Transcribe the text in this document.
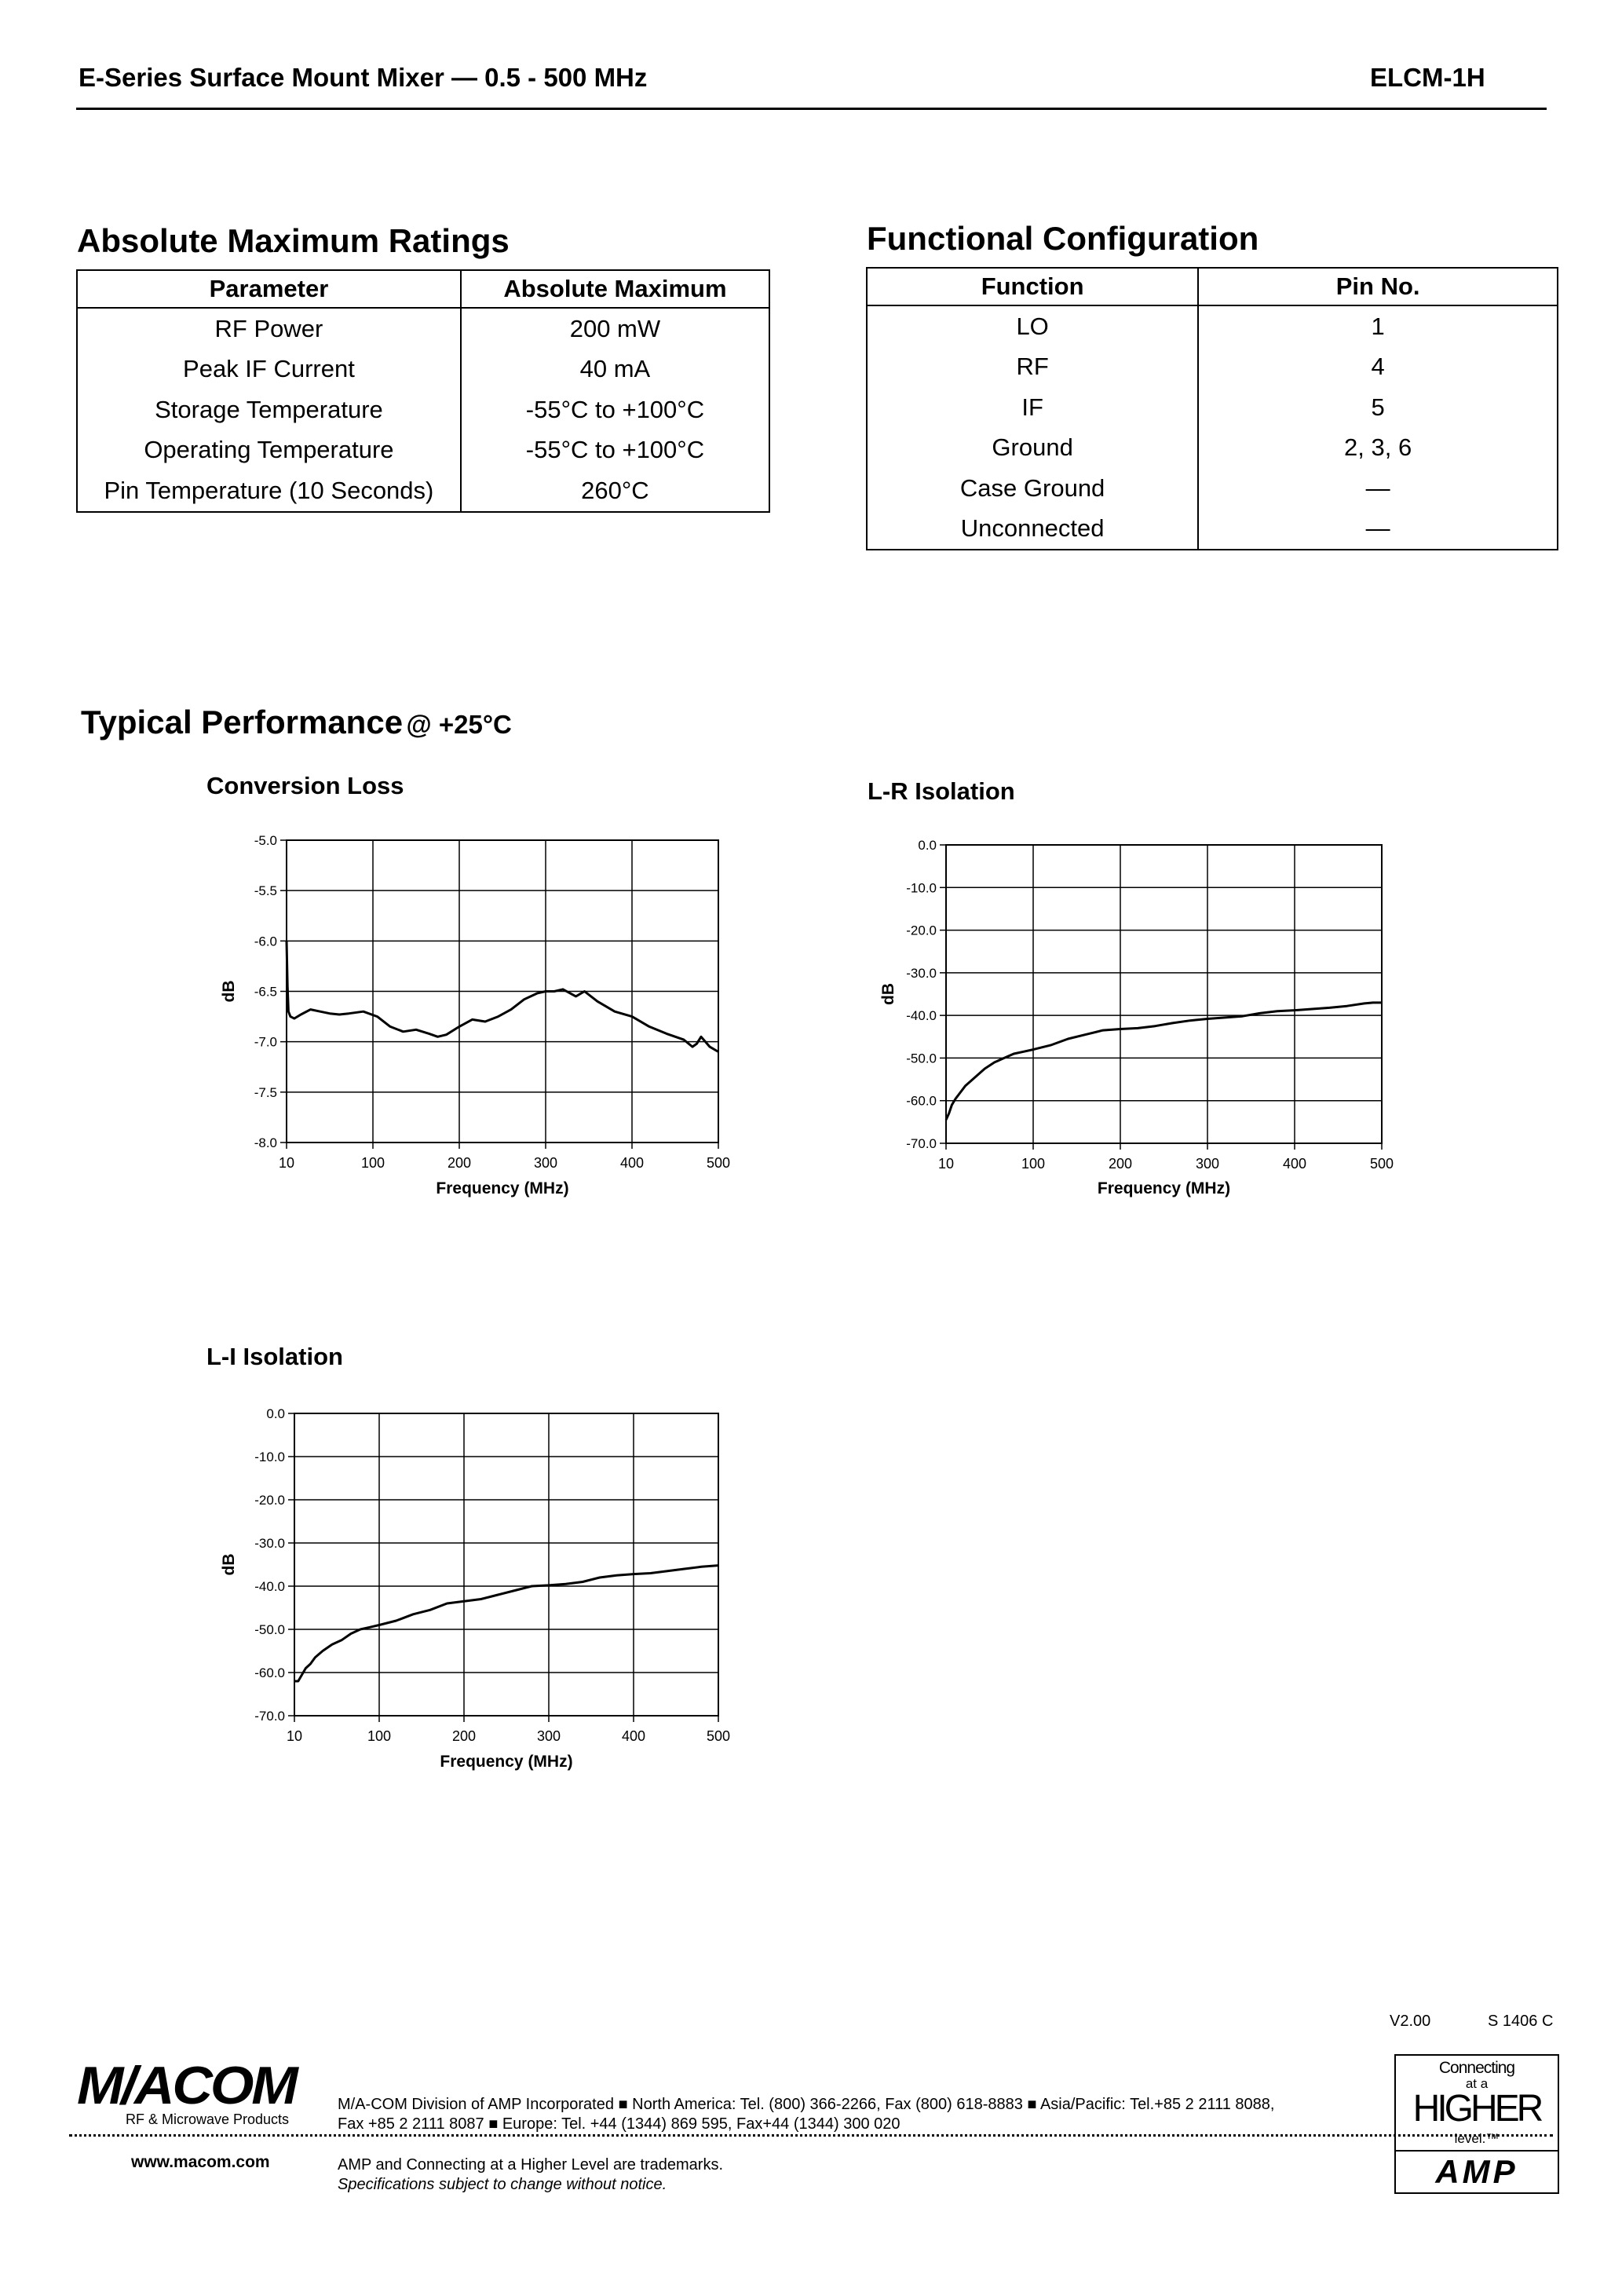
E-Series Surface Mount Mixer — 0.5 - 500 MHz	ELCM-1H
Absolute Maximum Ratings
Parameter	Absolute Maximum
RF Power	200 mW
Peak IF Current	40 mA
Storage Temperature	-55°C to +100°C
Operating Temperature	-55°C to +100°C
Pin Temperature (10 Seconds)	260°C
Functional Configuration
Function	Pin No.
LO	1
RF	4
IF	5
Ground	2, 3, 6
Case Ground	—
Unconnected	—
Typical Performance @ +25°C
Conversion Loss
-5.0
-5.5
-6.0
-6.5
-7.0
-7.5
-8.0
10	100	200	300	400	500
Frequency (MHz)
dB
L-R Isolation
0.0
-10.0
-20.0
-30.0
-40.0
-50.0
-60.0
-70.0
10	100	200	300	400	500
Frequency (MHz)
dB
L-I Isolation
0.0
-10.0
-20.0
-30.0
-40.0
-50.0
-60.0
-70.0
10	100	200	300	400	500
Frequency (MHz)
dB
V2.00	S 1406 C
M/ACOM
RF & Microwave Products
M/A-COM Division of AMP Incorporated ■ North America: Tel. (800) 366-2266, Fax (800) 618-8883 ■ Asia/Pacific: Tel.+85 2 2111 8088,
Fax +85 2 2111 8087 ■ Europe: Tel. +44 (1344) 869 595, Fax+44 (1344) 300 020
www.macom.com	AMP and Connecting at a Higher Level are trademarks.
Specifications subject to change without notice.
Connecting
at a
HIGHER
level.™
AMP
